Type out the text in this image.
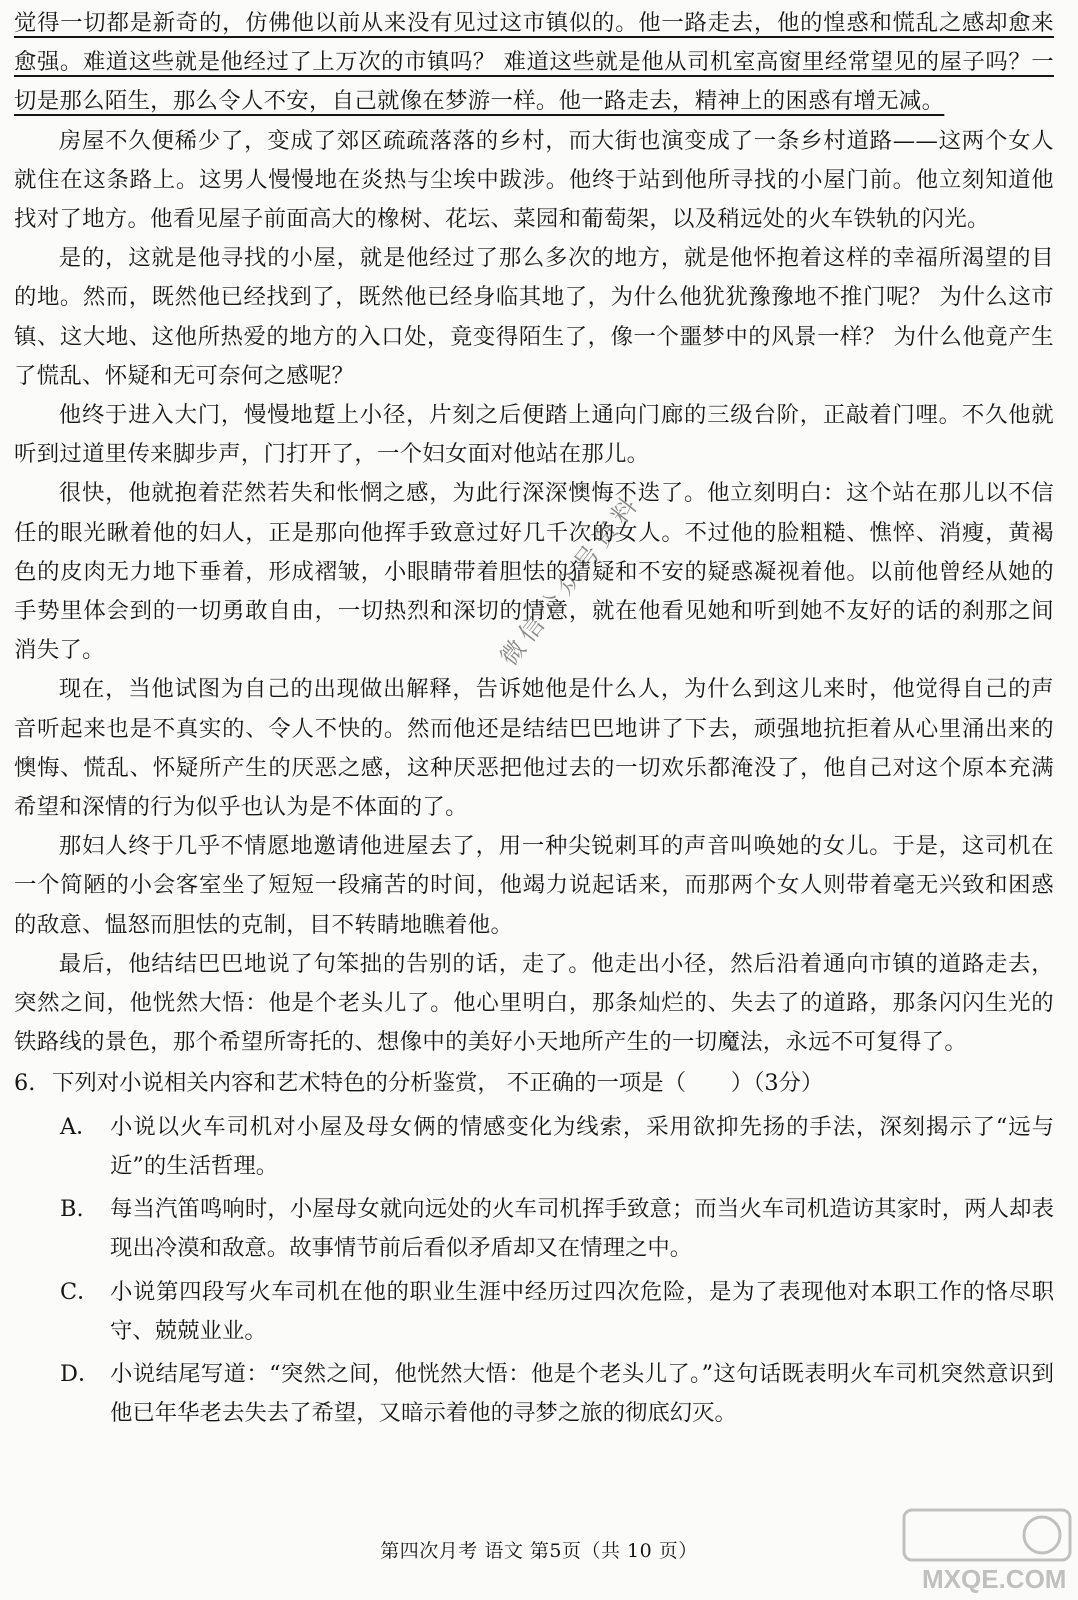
觉得一切都是新奇的，仿佛他以前从来没有见过这市镇似的。他一路走去，他的惶惑和慌乱之感却愈来愈强。难道这些就是他经过了上万次的市镇吗？ 难道这些就是他从司机室高窗里经常望见的屋子吗？一切是那么陌生，那么令人不安，自己就像在梦游一样。他一路走去，精神上的困惑有增无减。

房屋不久便稀少了，变成了郊区疏疏落落的乡村，而大街也演变成了一条乡村道路——这两个女人就住在这条路上。这男人慢慢地在炎热与尘埃中跋涉。他终于站到他所寻找的小屋门前。他立刻知道他找对了地方。他看见屋子前面高大的橡树、花坛、菜园和葡萄架，以及稍远处的火车铁轨的闪光。

是的，这就是他寻找的小屋，就是他经过了那么多次的地方，就是他怀抱着这样的幸福所渴望的目的地。然而，既然他已经找到了，既然他已经身临其地了，为什么他犹犹豫豫地不推门呢？ 为什么这市镇、这大地、这他所热爱的地方的入口处，竟变得陌生了，像一个噩梦中的风景一样？ 为什么他竟产生了慌乱、怀疑和无可奈何之感呢？

他终于进入大门，慢慢地踅上小径，片刻之后便踏上通向门廊的三级台阶，正敲着门哩。不久他就听到过道里传来脚步声，门打开了，一个妇女面对他站在那儿。

很快，他就抱着茫然若失和怅惘之感，为此行深深懊悔不迭了。他立刻明白：这个站在那儿以不信任的眼光瞅着他的妇人，正是那向他挥手致意过好几千次的女人。不过他的脸粗糙、憔悴、消瘦，黄褐色的皮肉无力地下垂着，形成褶皱，小眼睛带着胆怯的猜疑和不安的疑惑凝视着他。以前他曾经从她的手势里体会到的一切勇敢自由，一切热烈和深切的情意，就在他看见她和听到她不友好的话的刹那之间消失了。

现在，当他试图为自己的出现做出解释，告诉她他是什么人，为什么到这儿来时，他觉得自己的声音听起来也是不真实的、令人不快的。然而他还是结结巴巴地讲了下去，顽强地抗拒着从心里涌出来的懊悔、慌乱、怀疑所产生的厌恶之感，这种厌恶把他过去的一切欢乐都淹没了，他自己对这个原本充满希望和深情的行为似乎也认为是不体面的了。

那妇人终于几乎不情愿地邀请他进屋去了，用一种尖锐刺耳的声音叫唤她的女儿。于是，这司机在一个简陋的小会客室坐了短短一段痛苦的时间，他竭力说起话来，而那两个女人则带着毫无兴致和困惑的敌意、愠怒而胆怯的克制，目不转睛地瞧着他。

最后，他结结巴巴地说了句笨拙的告别的话，走了。他走出小径，然后沿着通向市镇的道路走去，突然之间，他恍然大悟：他是个老头儿了。他心里明白，那条灿烂的、失去了的道路，那条闪闪生光的铁路线的景色，那个希望所寄托的、想像中的美好小天地所产生的一切魔法，永远不可复得了。

6. 下列对小说相关内容和艺术特色的分析鉴赏， 不正确的一项是（　　）（3分）
A． 小说以火车司机对小屋及母女俩的情感变化为线索，采用欲抑先扬的手法，深刻揭示了“远与近”的生活哲理。
B.	每当汽笛鸣响时，小屋母女就向远处的火车司机挥手致意；而当火车司机造访其家时，两人却表现出冷漠和敌意。故事情节前后看似矛盾却又在情理之中。
C． 小说第四段写火车司机在他的职业生涯中经历过四次危险，是为了表现他对本职工作的恪尽职守、兢兢业业。
D． 小说结尾写道：“突然之间，他恍然大悟：他是个老头儿了。”这句话既表明火车司机突然意识到他已年华老去失去了希望，又暗示着他的寻梦之旅的彻底幻灭。
微信公众号资料
第四次月考 语文 第5页（共 10 页）
MXQE.COM
